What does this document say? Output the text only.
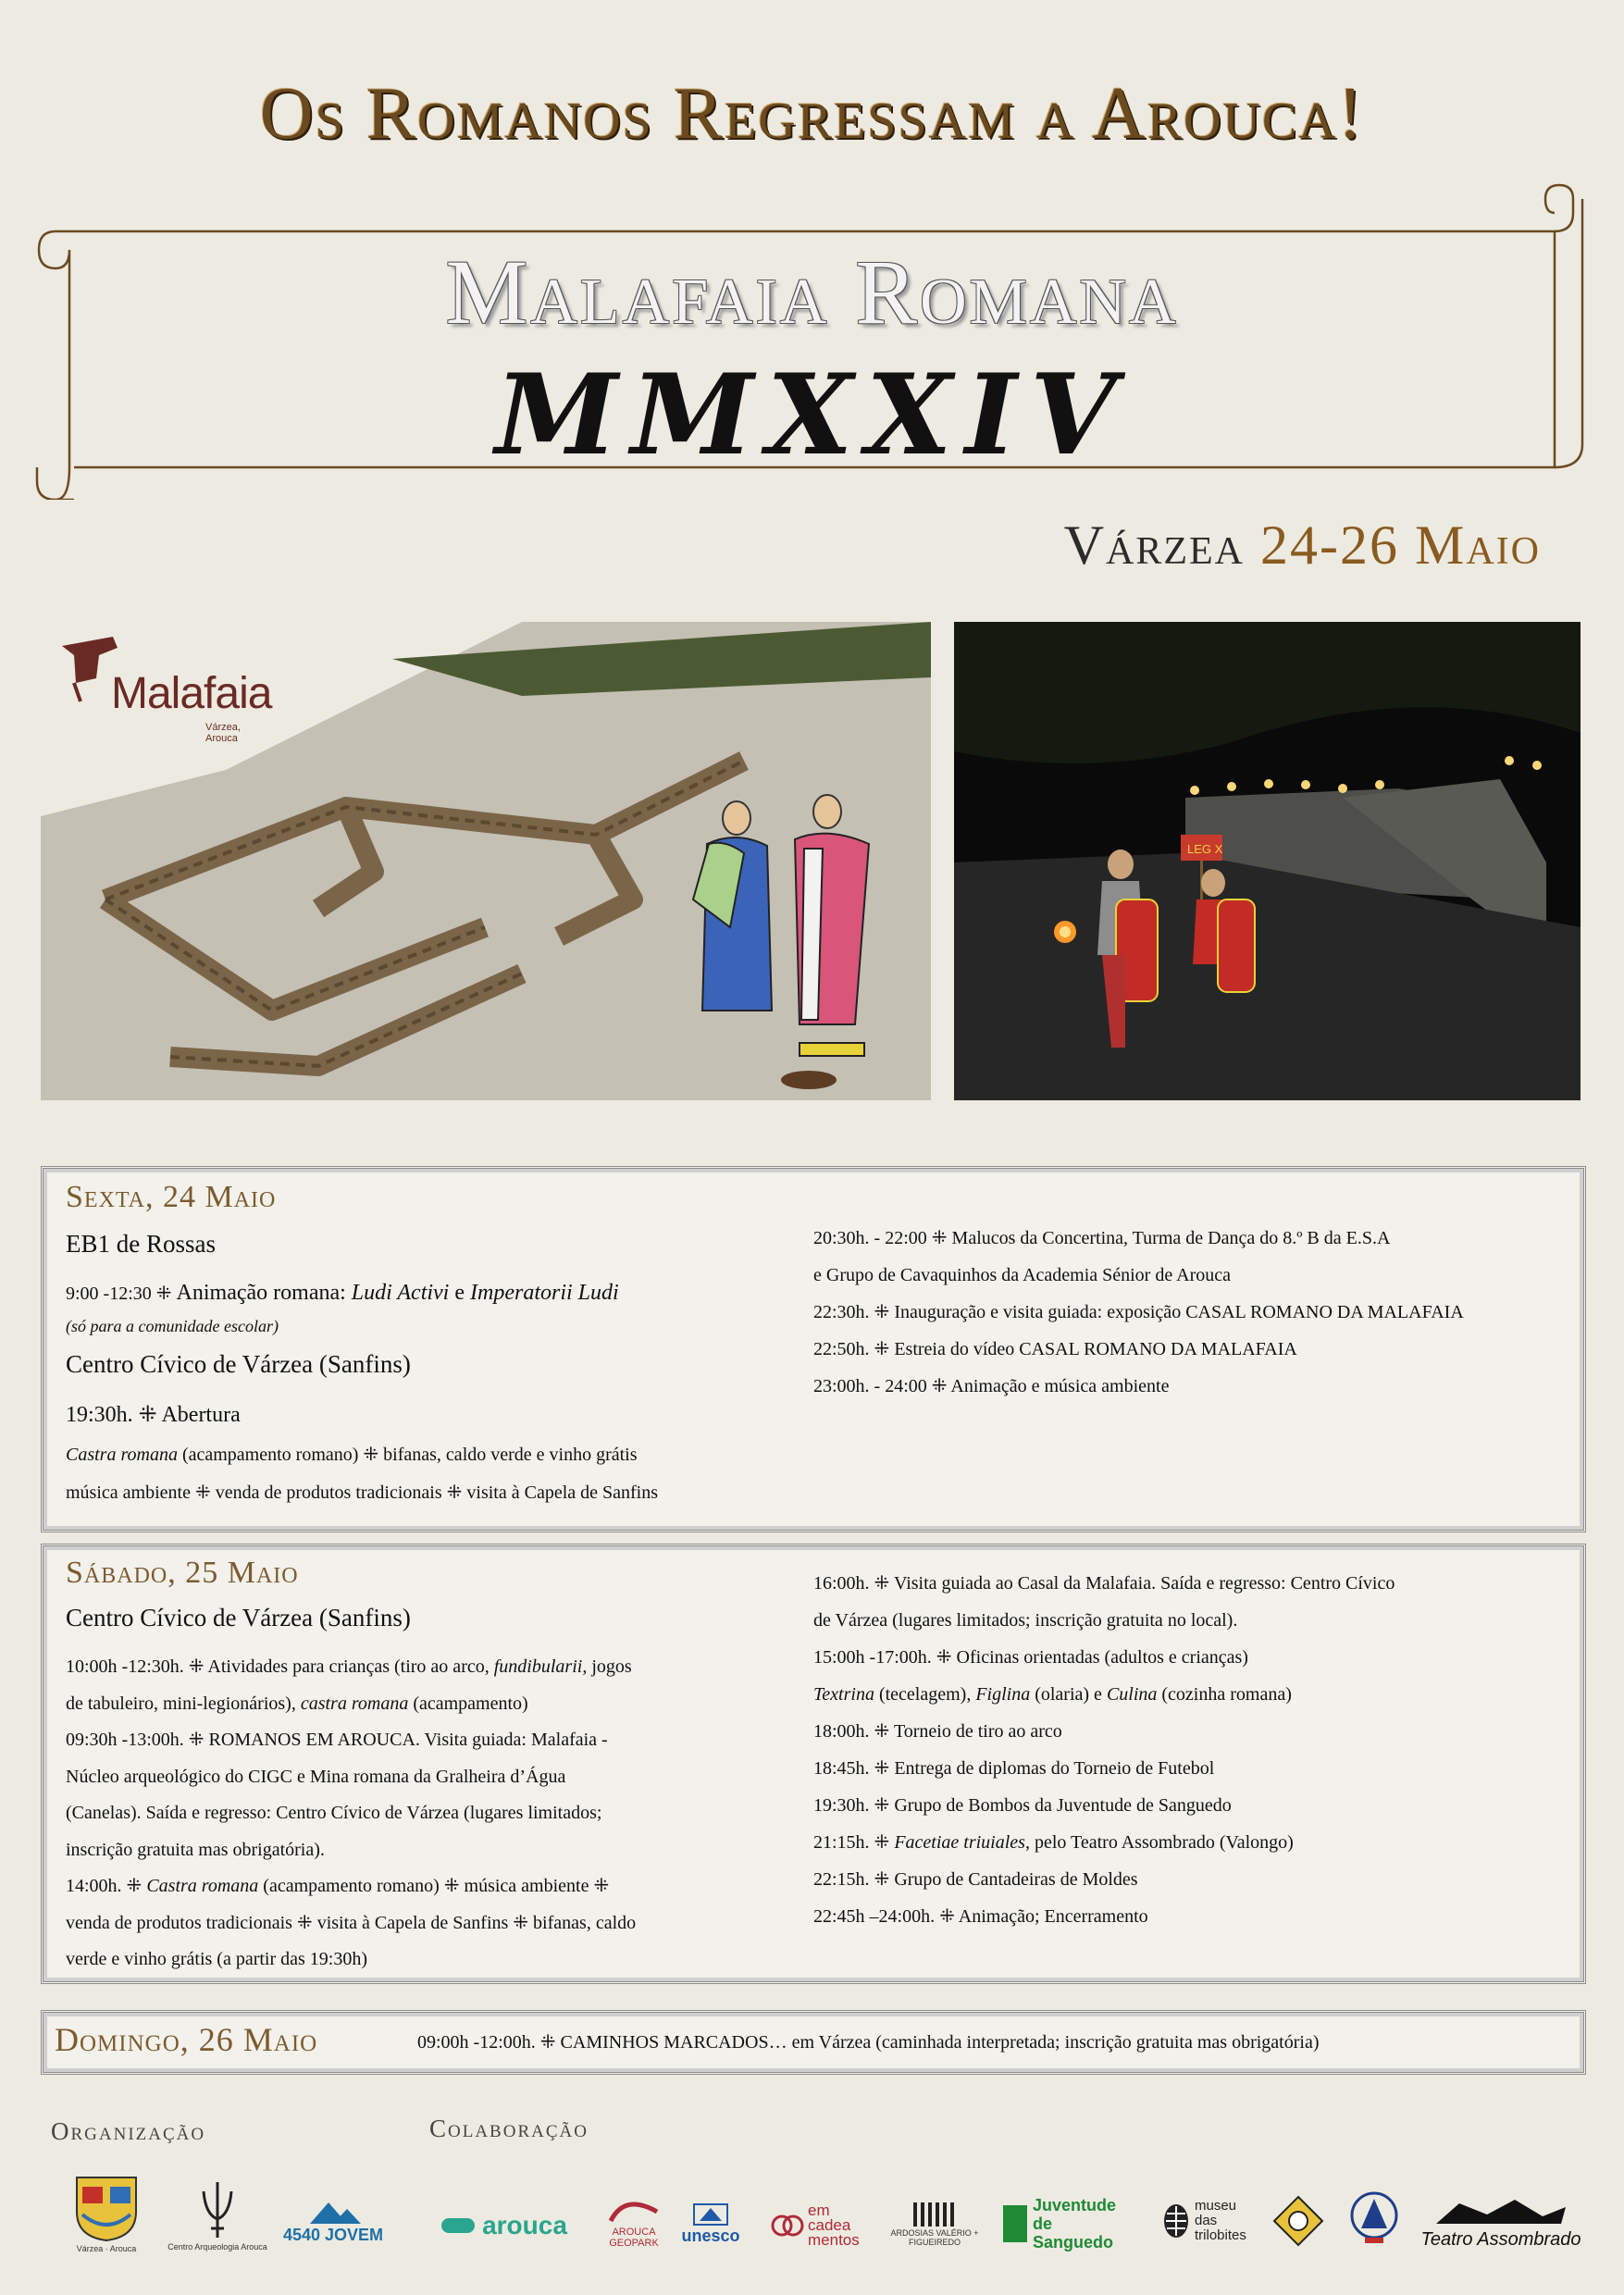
Os Romanos Regressam a Arouca!
Malafaia Romana
MMXXIV
Várzea 24-26 Maio
Malafaia
Várzea, Arouca
LEG X
Sexta, 24 Maio
EB1 de Rossas
9:00 -12:30 ⁜ Animação romana: Ludi Activi e Imperatorii Ludi
(só para a comunidade escolar)
Centro Cívico de Várzea (Sanfins)
19:30h. ⁜ Abertura
Castra romana (acampamento romano) ⁜ bifanas, caldo verde e vinho grátis
música ambiente ⁜ venda de produtos tradicionais ⁜ visita à Capela de Sanfins
20:30h. - 22:00 ⁜ Malucos da Concertina, Turma de Dança do 8.º B da E.S.A
e Grupo de Cavaquinhos da Academia Sénior de Arouca
22:30h. ⁜ Inauguração e visita guiada: exposição CASAL ROMANO DA MALAFAIA
22:50h. ⁜ Estreia do vídeo CASAL ROMANO DA MALAFAIA
23:00h. - 24:00 ⁜ Animação e música ambiente
Sábado, 25 Maio
Centro Cívico de Várzea (Sanfins)
10:00h -12:30h. ⁜ Atividades para crianças (tiro ao arco, fundibularii, jogos
de tabuleiro, mini-legionários), castra romana (acampamento)
09:30h -13:00h. ⁜ ROMANOS EM AROUCA. Visita guiada: Malafaia -
Núcleo arqueológico do CIGC e Mina romana da Gralheira d’Água
(Canelas). Saída e regresso: Centro Cívico de Várzea (lugares limitados;
inscrição gratuita mas obrigatória).
14:00h. ⁜ Castra romana (acampamento romano) ⁜ música ambiente ⁜
venda de produtos tradicionais ⁜ visita à Capela de Sanfins ⁜ bifanas, caldo
verde e vinho grátis (a partir das 19:30h)
16:00h. ⁜ Visita guiada ao Casal da Malafaia. Saída e regresso: Centro Cívico
de Várzea (lugares limitados; inscrição gratuita no local).
15:00h -17:00h. ⁜ Oficinas orientadas (adultos e crianças)
Textrina (tecelagem), Figlina (olaria) e Culina (cozinha romana)
18:00h. ⁜ Torneio de tiro ao arco
18:45h. ⁜ Entrega de diplomas do Torneio de Futebol
19:30h. ⁜ Grupo de Bombos da Juventude de Sanguedo
21:15h. ⁜ Facetiae triuiales, pelo Teatro Assombrado (Valongo)
22:15h. ⁜ Grupo de Cantadeiras de Moldes
22:45h –24:00h. ⁜ Animação; Encerramento
Domingo, 26 Maio	09:00h -12:00h. ⁜ CAMINHOS MARCADOS… em Várzea (caminhada interpretada; inscrição gratuita mas obrigatória)
Organização	Colaboração
Várzea · Arouca	Centro Arqueologia Arouca
4540 JOVEM	arouca	AROUCA GEOPARK	unesco
em cadea mentos	ARDOSIAS VALÉRIO + FIGUEIREDO
Juventude de Sanguedo
museu das trilobites	Teatro Assombrado
